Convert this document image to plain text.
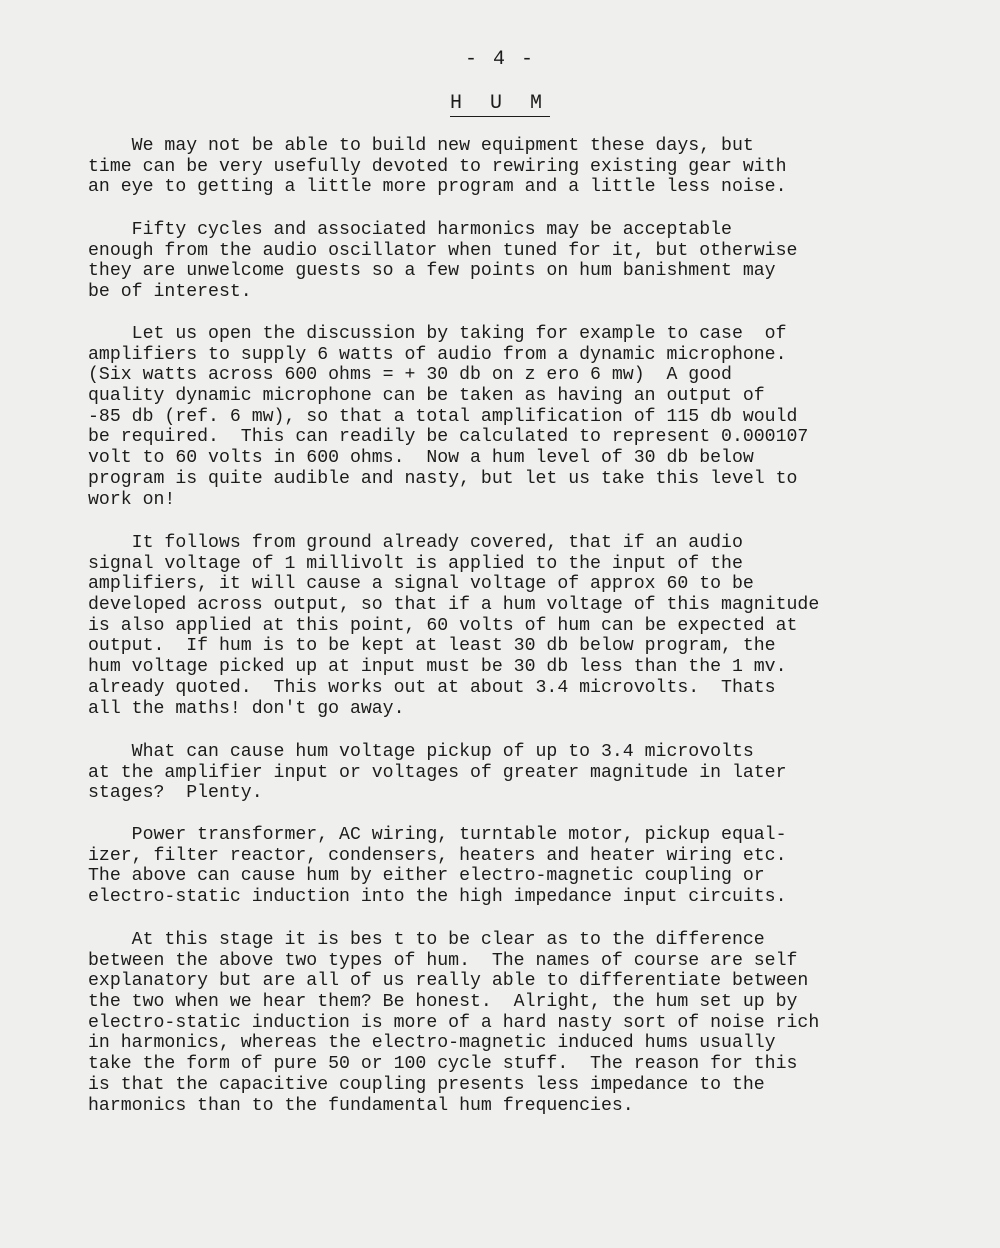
- 4 -
H U M
We may not be able to build new equipment these days, but
time can be very usefully devoted to rewiring existing gear with
an eye to getting a little more program and a little less noise.
Fifty cycles and associated harmonics may be acceptable
enough from the audio oscillator when tuned for it, but otherwise
they are unwelcome guests so a few points on hum banishment may
be of interest.
Let us open the discussion by taking for example to case  of
amplifiers to supply 6 watts of audio from a dynamic microphone.
(Six watts across 600 ohms = + 30 db on z ero 6 mw)  A good
quality dynamic microphone can be taken as having an output of
-85 db (ref. 6 mw), so that a total amplification of 115 db would
be required.  This can readily be calculated to represent 0.000107
volt to 60 volts in 600 ohms.  Now a hum level of 30 db below
program is quite audible and nasty, but let us take this level to
work on!
It follows from ground already covered, that if an audio
signal voltage of 1 millivolt is applied to the input of the
amplifiers, it will cause a signal voltage of approx 60 to be
developed across output, so that if a hum voltage of this magnitude
is also applied at this point, 60 volts of hum can be expected at
output.  If hum is to be kept at least 30 db below program, the
hum voltage picked up at input must be 30 db less than the 1 mv.
already quoted.  This works out at about 3.4 microvolts.  Thats
all the maths! don't go away.
What can cause hum voltage pickup of up to 3.4 microvolts
at the amplifier input or voltages of greater magnitude in later
stages?  Plenty.
Power transformer, AC wiring, turntable motor, pickup equal-
izer, filter reactor, condensers, heaters and heater wiring etc.
The above can cause hum by either electro-magnetic coupling or
electro-static induction into the high impedance input circuits.
At this stage it is bes t to be clear as to the difference
between the above two types of hum.  The names of course are self
explanatory but are all of us really able to differentiate between
the two when we hear them? Be honest.  Alright, the hum set up by
electro-static induction is more of a hard nasty sort of noise rich
in harmonics, whereas the electro-magnetic induced hums usually
take the form of pure 50 or 100 cycle stuff.  The reason for this
is that the capacitive coupling presents less impedance to the
harmonics than to the fundamental hum frequencies.
